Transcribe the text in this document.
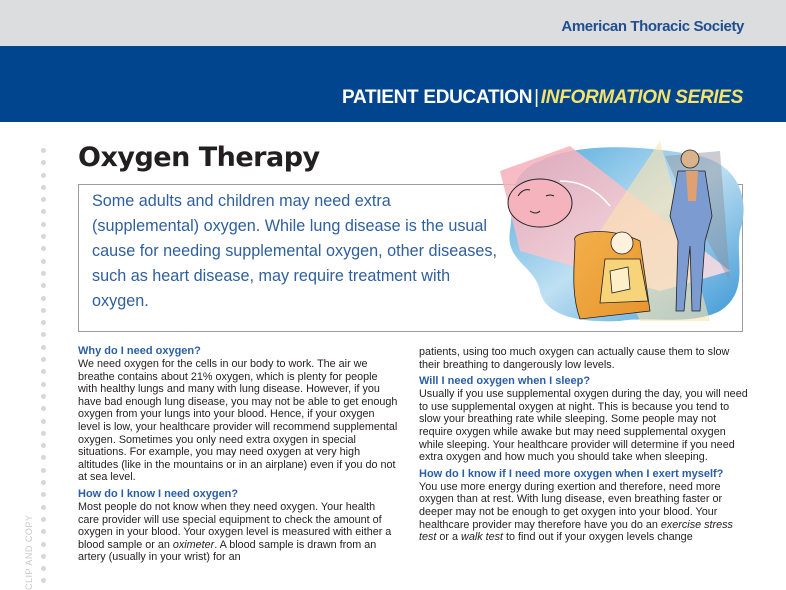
American Thoracic Society
PATIENT EDUCATION | INFORMATION SERIES
CLIP AND COPY
Oxygen Therapy

Some adults and children may need extra (supplemental) oxygen. While lung disease is the usual cause for needing supplemental oxygen, other diseases, such as heart disease, may require treatment with oxygen.

Why do I need oxygen?

We need oxygen for the cells in our body to work. The air we breathe contains about 21% oxygen, which is plenty for people with healthy lungs and many with lung disease. However, if you have bad enough lung disease, you may not be able to get enough oxygen from your lungs into your blood. Hence, if your oxygen level is low, your healthcare provider will recommend supplemental oxygen. Sometimes you only need extra oxygen in special situations. For example, you may need oxygen at very high altitudes (like in the mountains or in an airplane) even if you do not at sea level.

How do I know I need oxygen?

Most people do not know when they need oxygen. Your health care provider will use special equipment to check the amount of oxygen in your blood. Your oxygen level is measured with either a blood sample or an oximeter. A blood sample is drawn from an artery (usually in your wrist) for an

patients, using too much oxygen can actually cause them to slow their breathing to dangerously low levels.

Will I need oxygen when I sleep?

Usually if you use supplemental oxygen during the day, you will need to use supplemental oxygen at night. This is because you tend to slow your breathing rate while sleeping. Some people may not require oxygen while awake but may need supplemental oxygen while sleeping. Your healthcare provider will determine if you need extra oxygen and how much you should take when sleeping.

How do I know if I need more oxygen when I exert myself?

You use more energy during exertion and therefore, need more oxygen than at rest. With lung disease, even breathing faster or deeper may not be enough to get oxygen into your blood. Your healthcare provider may therefore have you do an exercise stress test or a walk test to find out if your oxygen levels change
